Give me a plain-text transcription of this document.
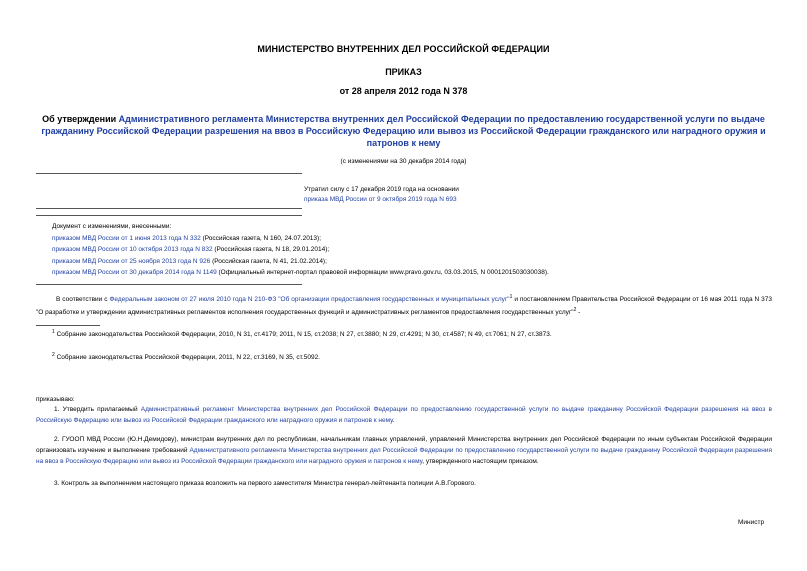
МИНИСТЕРСТВО ВНУТРЕННИХ ДЕЛ РОССИЙСКОЙ ФЕДЕРАЦИИ
ПРИКАЗ
от 28 апреля 2012 года N 378
Об утверждении Административного регламента Министерства внутренних дел Российской Федерации по предоставлению государственной услуги по выдаче гражданину Российской Федерации разрешения на ввоз в Российскую Федерацию или вывоз из Российской Федерации гражданского или наградного оружия и патронов к нему
(с изменениями на 30 декабря 2014 года)
Утратил силу с 17 декабря 2019 года на основании
приказа МВД России от 9 октября 2019 года N 693
Документ с изменениями, внесенными:
приказом МВД России от 1 июня 2013 года N 332 (Российская газета, N 160, 24.07.2013);
приказом МВД России от 10 октября 2013 года N 832 (Российская газета, N 18, 29.01.2014);
приказом МВД России от 25 ноября 2013 года N 926 (Российская газета, N 41, 21.02.2014);
приказом МВД России от 30 декабря 2014 года N 1149 (Официальный интернет-портал правовой информации www.pravo.gov.ru, 03.03.2015, N 0001201503030038).
В соответствии с Федеральным законом от 27 июля 2010 года N 210-ФЗ "Об организации предоставления государственных и муниципальных услуг"$^1$ и постановлением Правительства Российской Федерации от 16 мая 2011 года N 373 "О разработке и утверждении административных регламентов исполнения государственных функций и административных регламентов предоставления государственных услуг"$^2$ -
$^1$ Собрание законодательства Российской Федерации, 2010, N 31, ст.4179; 2011, N 15, ст.2038; N 27, ст.3880; N 29, ст.4291; N 30, ст.4587; N 49, ст.7061; N 27, ст.3873.
$^2$ Собрание законодательства Российской Федерации, 2011, N 22, ст.3169, N 35, ст.5092.
приказываю:
1. Утвердить прилагаемый Административный регламент Министерства внутренних дел Российской Федерации по предоставлению государственной услуги по выдаче гражданину Российской Федерации разрешения на ввоз в Российскую Федерацию или вывоз из Российской Федерации гражданского или наградного оружия и патронов к нему.
2. ГУООП МВД России (Ю.Н.Демидову), министрам внутренних дел по республикам, начальникам главных управлений, управлений Министерства внутренних дел Российской Федерации по иным субъектам Российской Федерации организовать изучение и выполнение требований Административного регламента Министерства внутренних дел Российской Федерации по предоставлению государственной услуги по выдаче гражданину Российской Федерации разрешения на ввоз в Российскую Федерацию или вывоз из Российской Федерации гражданского или наградного оружия и патронов к нему, утвержденного настоящим приказом.
3. Контроль за выполнением настоящего приказа возложить на первого заместителя Министра генерал-лейтенанта полиции А.В.Горового.
Министр
